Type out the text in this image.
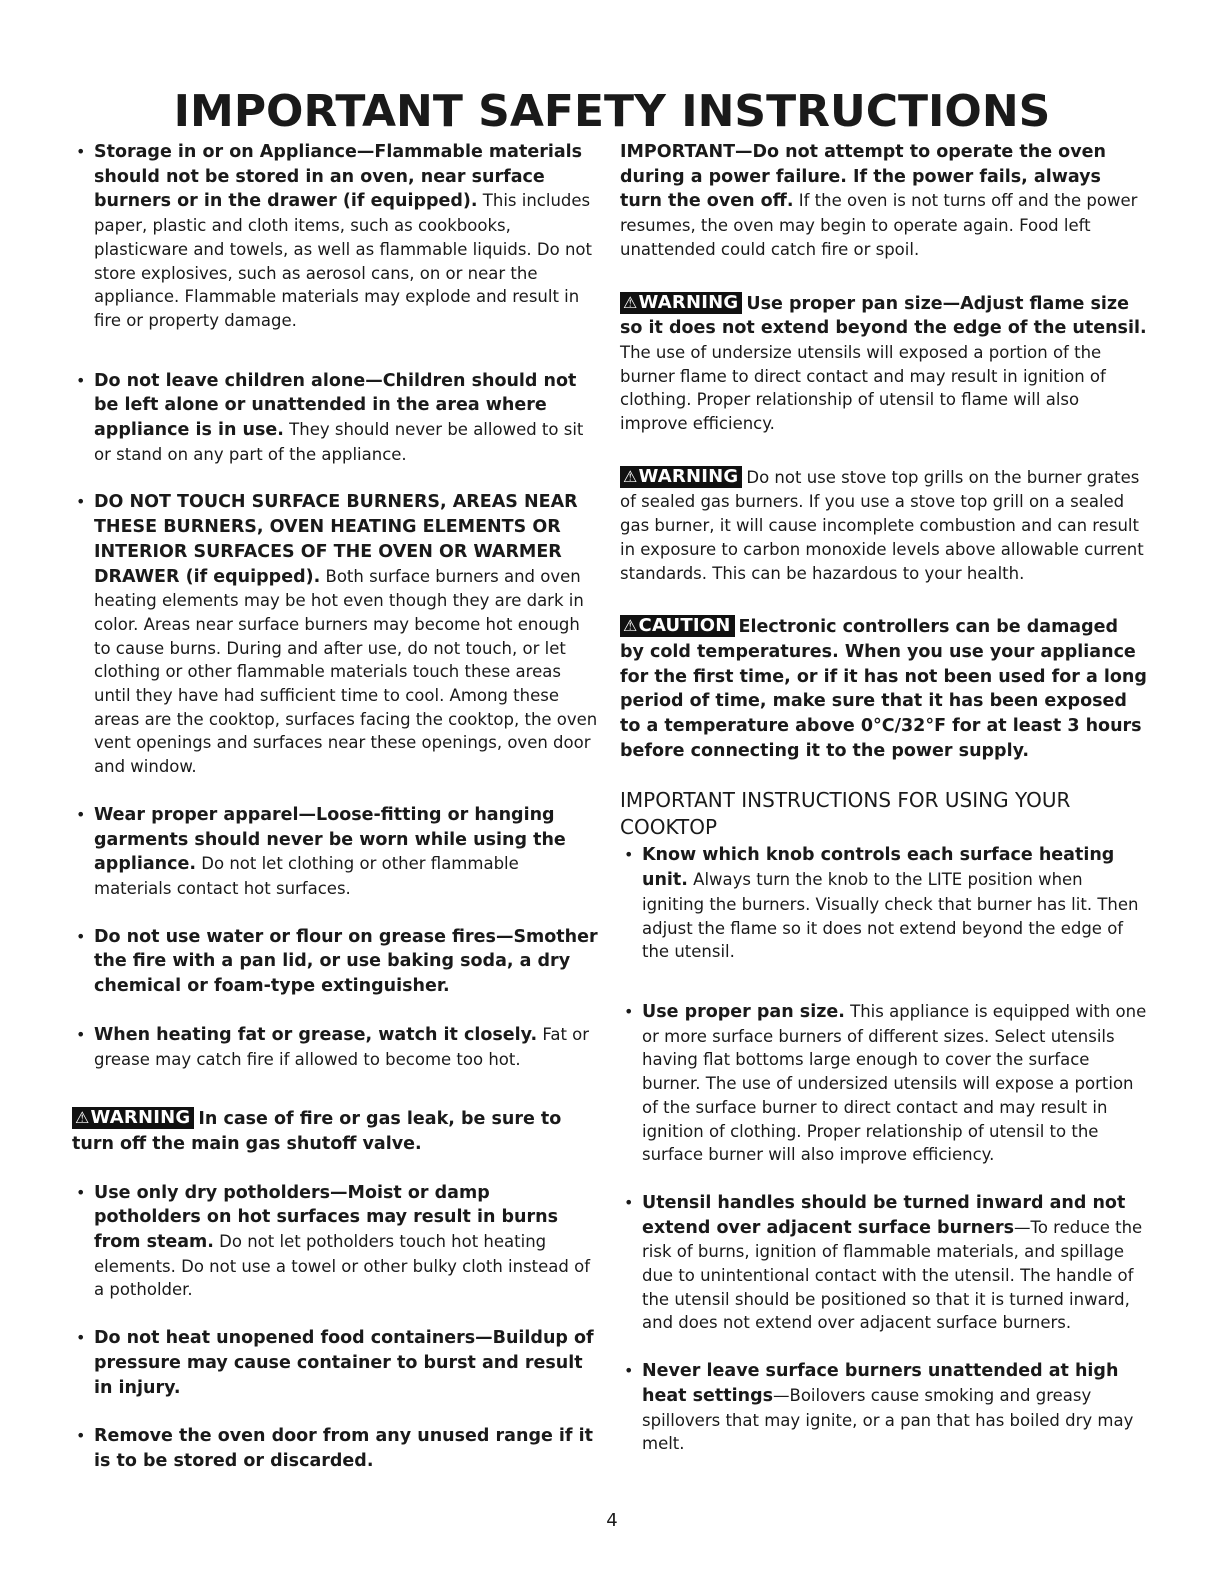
IMPORTANT SAFETY INSTRUCTIONS

• Storage in or on Appliance—Flammable materials should not be stored in an oven, near surface burners or in the drawer (if equipped). This includes paper, plastic and cloth items, such as cookbooks, plasticware and towels, as well as flammable liquids. Do not store explosives, such as aerosol cans, on or near the appliance. Flammable materials may explode and result in fire or property damage.

• Do not leave children alone—Children should not be left alone or unattended in the area where appliance is in use. They should never be allowed to sit or stand on any part of the appliance.

• DO NOT TOUCH SURFACE BURNERS, AREAS NEAR THESE BURNERS, OVEN HEATING ELEMENTS OR INTERIOR SURFACES OF THE OVEN OR WARMER DRAWER (if equipped). Both surface burners and oven heating elements may be hot even though they are dark in color. Areas near surface burners may become hot enough to cause burns. During and after use, do not touch, or let clothing or other flammable materials touch these areas until they have had sufficient time to cool. Among these areas are the cooktop, surfaces facing the cooktop, the oven vent openings and surfaces near these openings, oven door and window.

• Wear proper apparel—Loose-fitting or hanging garments should never be worn while using the appliance. Do not let clothing or other flammable materials contact hot surfaces.

• Do not use water or flour on grease fires—Smother the fire with a pan lid, or use baking soda, a dry chemical or foam-type extinguisher.

• When heating fat or grease, watch it closely. Fat or grease may catch fire if allowed to become too hot.

⚠WARNING In case of fire or gas leak, be sure to turn off the main gas shutoff valve.

• Use only dry potholders—Moist or damp potholders on hot surfaces may result in burns from steam. Do not let potholders touch hot heating elements. Do not use a towel or other bulky cloth instead of a potholder.

• Do not heat unopened food containers—Buildup of pressure may cause container to burst and result in injury.

• Remove the oven door from any unused range if it is to be stored or discarded.

IMPORTANT—Do not attempt to operate the oven during a power failure. If the power fails, always turn the oven off. If the oven is not turns off and the power resumes, the oven may begin to operate again. Food left unattended could catch fire or spoil.

⚠WARNING Use proper pan size—Adjust flame size so it does not extend beyond the edge of the utensil. The use of undersize utensils will exposed a portion of the burner flame to direct contact and may result in ignition of clothing. Proper relationship of utensil to flame will also improve efficiency.

⚠WARNING Do not use stove top grills on the burner grates of sealed gas burners. If you use a stove top grill on a sealed gas burner, it will cause incomplete combustion and can result in exposure to carbon monoxide levels above allowable current standards. This can be hazardous to your health.

⚠CAUTION Electronic controllers can be damaged by cold temperatures. When you use your appliance for the first time, or if it has not been used for a long period of time, make sure that it has been exposed to a temperature above 0°C/32°F for at least 3 hours before connecting it to the power supply.

IMPORTANT INSTRUCTIONS FOR USING YOUR COOKTOP

• Know which knob controls each surface heating unit. Always turn the knob to the LITE position when igniting the burners. Visually check that burner has lit. Then adjust the flame so it does not extend beyond the edge of the utensil.

• Use proper pan size. This appliance is equipped with one or more surface burners of different sizes. Select utensils having flat bottoms large enough to cover the surface burner. The use of undersized utensils will expose a portion of the surface burner to direct contact and may result in ignition of clothing. Proper relationship of utensil to the surface burner will also improve efficiency.

• Utensil handles should be turned inward and not extend over adjacent surface burners—To reduce the risk of burns, ignition of flammable materials, and spillage due to unintentional contact with the utensil. The handle of the utensil should be positioned so that it is turned inward, and does not extend over adjacent surface burners.

• Never leave surface burners unattended at high heat settings—Boilovers cause smoking and greasy spillovers that may ignite, or a pan that has boiled dry may melt.

4
